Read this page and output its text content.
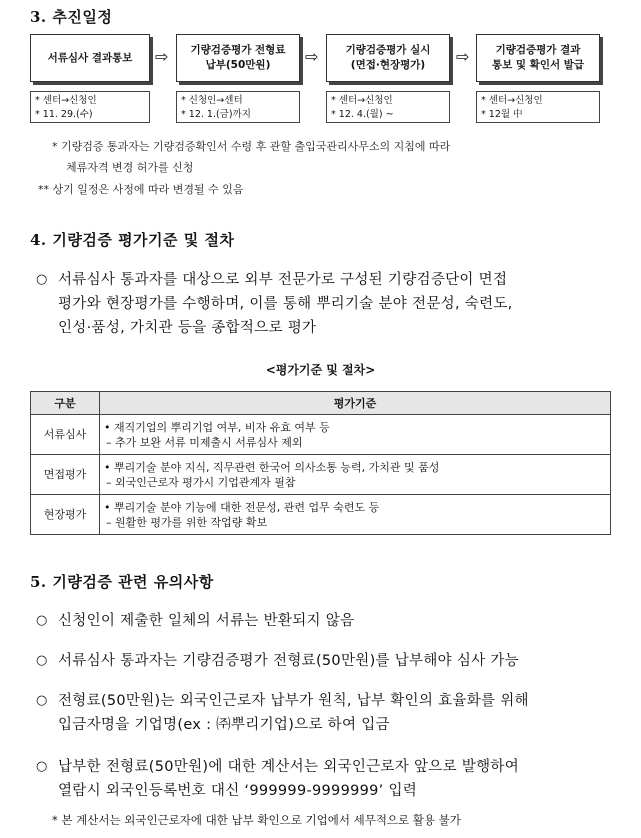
3. 추진일정
서류심사 결과통보 ⇨ 기량검증평가 전형료
납부(50만원)	⇨	기량검증평가 실시
(면접·현장평가)	⇨	기량검증평가 결과
통보 및 확인서 발급
* 센터→신청인
* 11. 29.(수)
* 신청인→센터
* 12. 1.(금)까지
* 센터→신청인
* 12. 4.(월) ~
* 센터→신청인
* 12월 中
* 기량검증 통과자는 기량검증확인서 수령 후 관할 출입국관리사무소의 지침에 따라
체류자격 변경 허가를 신청
** 상기 일정은 사정에 따라 변경될 수 있음
4. 기량검증 평가기준 및 절차
○ 서류심사 통과자를 대상으로 외부 전문가로 구성된 기량검증단이 면접
평가와 현장평가를 수행하며, 이를 통해 뿌리기술 분야 전문성, 숙련도,
인성·품성, 가치관 등을 종합적으로 평가
<평가기준 및 절차>
구분	평가기준
서류심사	• 재직기업의 뿌리기업 여부, 비자 유효 여부 등
– 추가 보완 서류 미제출시 서류심사 제외

면접평가	• 뿌리기술 분야 지식, 직무관련 한국어 의사소통 능력, 가치관 및 품성
– 외국인근로자 평가시 기업관계자 필참

현장평가	• 뿌리기술 분야 기능에 대한 전문성, 관련 업무 숙련도 등
– 원활한 평가를 위한 작업량 확보
5. 기량검증 관련 유의사항
○ 신청인이 제출한 일체의 서류는 반환되지 않음
○ 서류심사 통과자는 기량검증평가 전형료(50만원)를 납부해야 심사 가능
○ 전형료(50만원)는 외국인근로자 납부가 원칙, 납부 확인의 효율화를 위해
입금자명을 기업명(ex : ㈜뿌리기업)으로 하여 입금
○ 납부한 전형료(50만원)에 대한 계산서는 외국인근로자 앞으로 발행하여
열람시 외국인등록번호 대신 ‘999999-9999999’ 입력
* 본 계산서는 외국인근로자에 대한 납부 확인으로 기업에서 세무적으로 활용 불가
